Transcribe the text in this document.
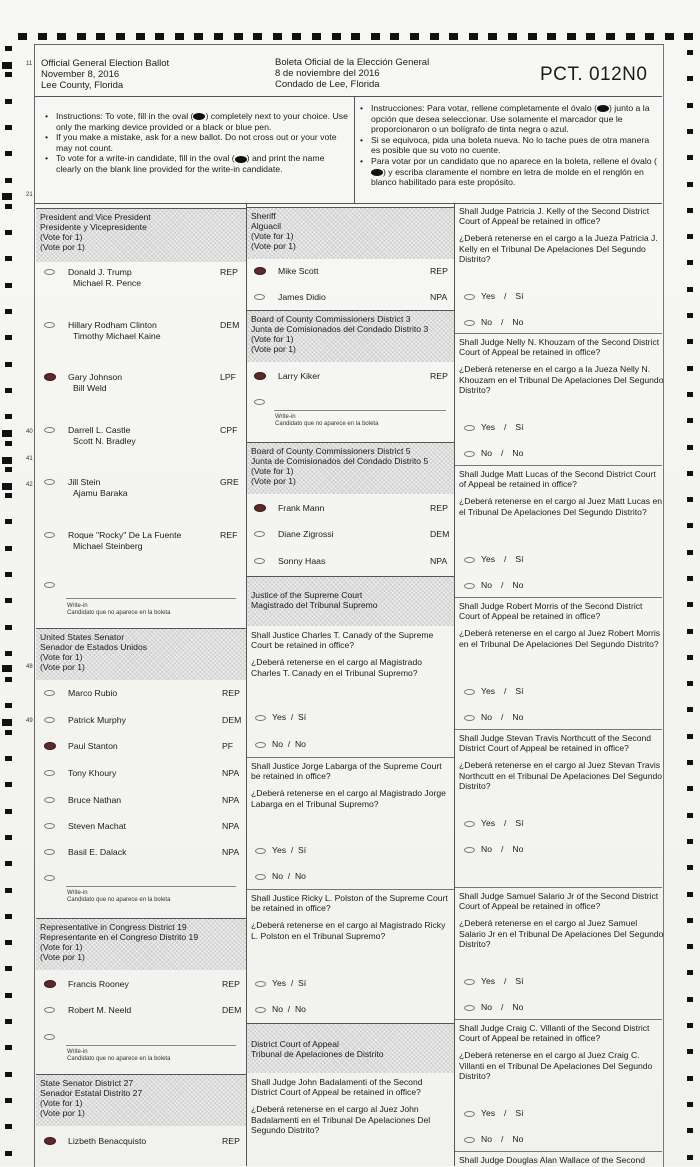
11
21
40
41
42
48
49
Official General Election Ballot
November 8, 2016
Lee County, Florida
Boleta Oficial de la Elección General
8 de noviembre del 2016
Condado de Lee, Florida	PCT. 012N0
• Instructions: To vote, fill in the oval ( ) completely next to your choice. Use only the marking device provided or a black or blue pen.
• If you make a mistake, ask for a new ballot. Do not cross out or your vote may not count.
• To vote for a write-in candidate, fill in the oval ( ) and print the name clearly on the blank line provided for the write-in candidate.
• Instrucciones: Para votar, rellene completamente el óvalo ( ) junto a la opción que desea seleccionar. Use solamente el marcador que le proporcionaron o un bolígrafo de tinta negra o azul.
• Si se equivoca, pida una boleta nueva. No lo tache pues de otra manera es posible que su voto no cuente.
• Para votar por un candidato que no aparece en la boleta, rellene el óvalo () y escriba claramente el nombre en letra de molde en el renglón en blanco habilitado para este propósito.
President and Vice President
Presidente y Vicepresidente
(Vote for 1)
(Vote por 1)
Donald J. Trump
Michael R. Pence
REP
Hillary Rodham Clinton
Timothy Michael Kaine
DEM
Gary Johnson
Bill Weld
LPF
Darrell L. Castle
Scott N. Bradley
CPF
Jill Stein
Ajamu Baraka
GRE
Roque "Rocky" De La Fuente
Michael Steinberg
REF
Write-in
Candidato que no aparece en la boleta
United States Senator
Senador de Estados Unidos
(Vote for 1)
(Vote por 1)
Marco Rubio	REP
Patrick Murphy	DEM
Paul Stanton	PF
Tony Khoury	NPA
Bruce Nathan	NPA
Steven Machat	NPA
Basil E. Dalack	NPA
Write-in
Candidato que no aparece en la boleta
Representative in Congress District 19
Representante en el Congreso Distrito 19
(Vote for 1)
(Vote por 1)
Francis Rooney	REP
Robert M. Neeld	DEM
Write-in
Candidato que no aparece en la boleta
State Senator District 27
Senador Estatal Distrito 27
(Vote for 1)
(Vote por 1)
Lizbeth Benacquisto	REP
Sheriff
Alguacil
(Vote for 1)
(Vote por 1)
Mike Scott	REP
James Didio	NPA
Board of County Commissioners District 3
Junta de Comisionados del Condado Distrito 3
(Vote for 1)
(Vote por 1)
Larry Kiker	REP
Write-in
Candidato que no aparece en la boleta
Board of County Commissioners District 5
Junta de Comisionados del Condado Distrito 5
(Vote for 1)
(Vote por 1)
Frank Mann	REP
Diane Zigrossi	DEM
Sonny Haas	NPA
Justice of the Supreme Court
Magistrado del Tribunal Supremo
Shall Justice Charles T. Canady of the Supreme Court be retained in office?
¿Deberá retenerse en el cargo al Magistrado Charles T. Canady en el Tribunal Supremo?
Yes / Sí
No / No
Shall Justice Jorge Labarga of the Supreme Court be retained in office?
¿Deberá retenerse en el cargo al Magistrado Jorge Labarga en el Tribunal Supremo?
Yes / Sí
No / No
Shall Justice Ricky L. Polston of the Supreme Court be retained in office?
¿Deberá retenerse en el cargo al Magistrado Ricky L. Polston en el Tribunal Supremo?
Yes / Sí
No / No
District Court of Appeal
Tribunal de Apelaciones de Distrito
Shall Judge John Badalamenti of the Second District Court of Appeal be retained in office?
¿Deberá retenerse en el cargo al Juez John Badalamenti en el Tribunal De Apelaciones Del Segundo Distrito?
Shall Judge Patricia J. Kelly of the Second District Court of Appeal be retained in office?
¿Deberá retenerse en el cargo a la Jueza Patricia J. Kelly en el Tribunal De Apelaciones Del Segundo Distrito?
Yes / Sí
No / No
Shall Judge Nelly N. Khouzam of the Second District Court of Appeal be retained in office?
¿Deberá retenerse en el cargo a la Jueza Nelly N. Khouzam en el Tribunal De Apelaciones Del Segundo Distrito?
Yes / Sí
No / No
Shall Judge Matt Lucas of the Second District Court of Appeal be retained in office?
¿Deberá retenerse en el cargo al Juez Matt Lucas en el Tribunal De Apelaciones Del Segundo Distrito?
Yes / Sí
No / No
Shall Judge Robert Morris of the Second District Court of Appeal be retained in office?
¿Deberá retenerse en el cargo al Juez Robert Morris en el Tribunal De Apelaciones Del Segundo Distrito?
Yes / Sí
No / No
Shall Judge Stevan Travis Northcutt of the Second District Court of Appeal be retained in office?
¿Deberá retenerse en el cargo al Juez Stevan Travis Northcutt en el Tribunal De Apelaciones Del Segundo Distrito?
Yes / Sí
No / No
Shall Judge Samuel Salario Jr of the Second District Court of Appeal be retained in office?
¿Deberá retenerse en el cargo al Juez Samuel Salario Jr en el Tribunal De Apelaciones Del Segundo Distrito?
Yes / Sí
No / No
Shall Judge Craig C. Villanti of the Second District Court of Appeal be retained in office?
¿Deberá retenerse en el cargo al Juez Craig C. Villanti en el Tribunal De Apelaciones Del Segundo Distrito?
Yes / Sí
No / No
Shall Judge Douglas Alan Wallace of the Second
